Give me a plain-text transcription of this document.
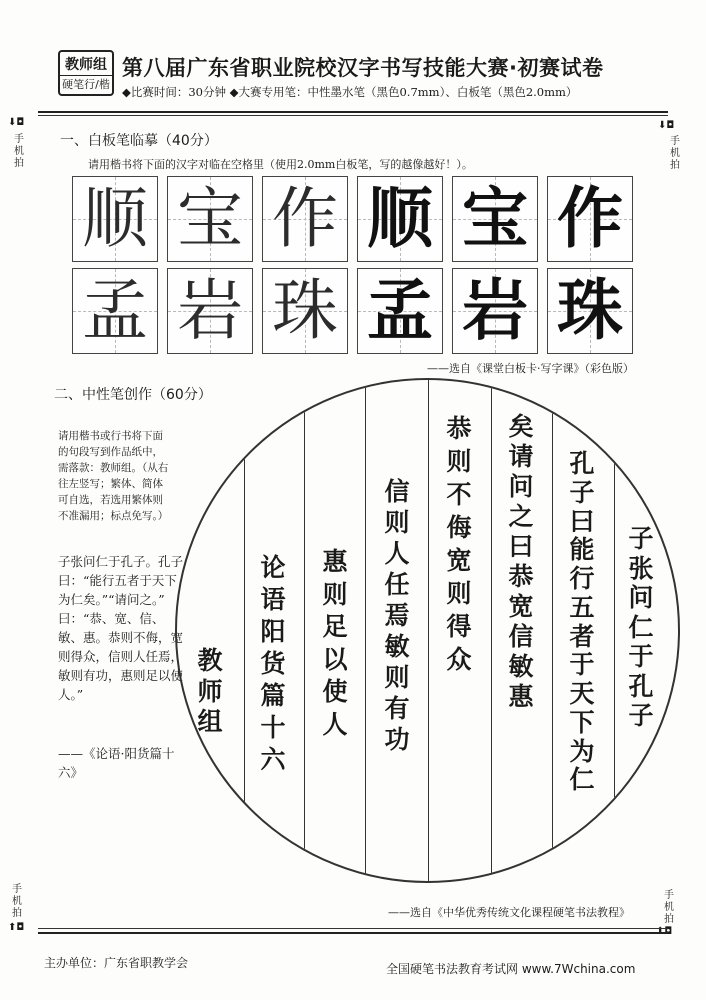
教师组
硬笔行/楷
第八届广东省职业院校汉字书写技能大赛·初赛试卷
◆比赛时间：30分钟 ◆大赛专用笔：中性墨水笔（黑色0.7mm）、白板笔（黑色2.0mm）
⬇◘	⬇◘
手
机
拍
手
机
拍
一、白板笔临摹（40分）
请用楷书将下面的汉字对临在空格里（使用2.0mm白板笔，写的越像越好！）。
顺 宝 作 顺 宝 作
孟 岩 珠 孟 岩 珠
——选自《课堂白板卡·写字课》（彩色版）
二、中性笔创作（60分）
请用楷书或行书将下面的句段写到作品纸中，需落款：教师组。（从右往左竖写；繁体、简体可自选，若选用繁体则不准漏用；标点免写。）
子张问仁于孔子。孔子曰：“能行五者于天下为仁矣。”“请问之。” 曰：“恭、宽、信、敏、惠。恭则不侮，宽则得众，信则人任焉，敏则有功，惠则足以使人。”
——《论语·阳货篇十六》
子
张
问
仁
于
孔
子
孔
子
曰
能
行
五
者
于
天
下
为
仁
矣
请
问
之
曰
恭
宽
信
敏
惠
恭
则
不
侮
宽
则
得
众
信
则
人
任
焉
敏
则
有
功
惠
则
足
以
使
人
论
语
阳
货
篇
十
六
教
师
组
——选自《中华优秀传统文化课程硬笔书法教程》
手
机
拍
手
机
拍
⬆◘	⬆◘
主办单位：广东省职教学会	全国硬笔书法教育考试网 www.7Wchina.com
